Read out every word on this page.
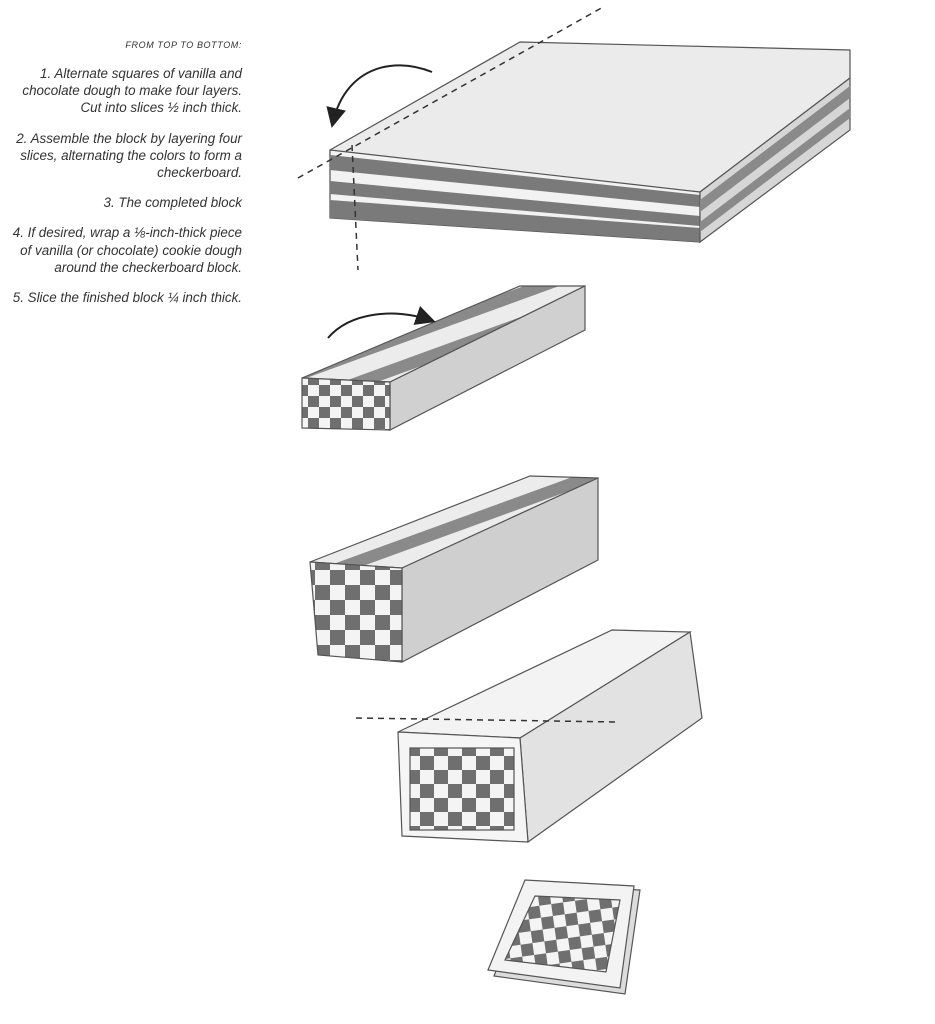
FROM TOP TO BOTTOM:
1. Alternate squares of vanilla and chocolate dough to make four layers. Cut into slices ½ inch thick.
2. Assemble the block by layering four slices, alternating the colors to form a checkerboard.
3. The completed block
4. If desired, wrap a ⅛-inch-thick piece of vanilla (or chocolate) cookie dough around the checkerboard block.
5. Slice the finished block ¼ inch thick.
